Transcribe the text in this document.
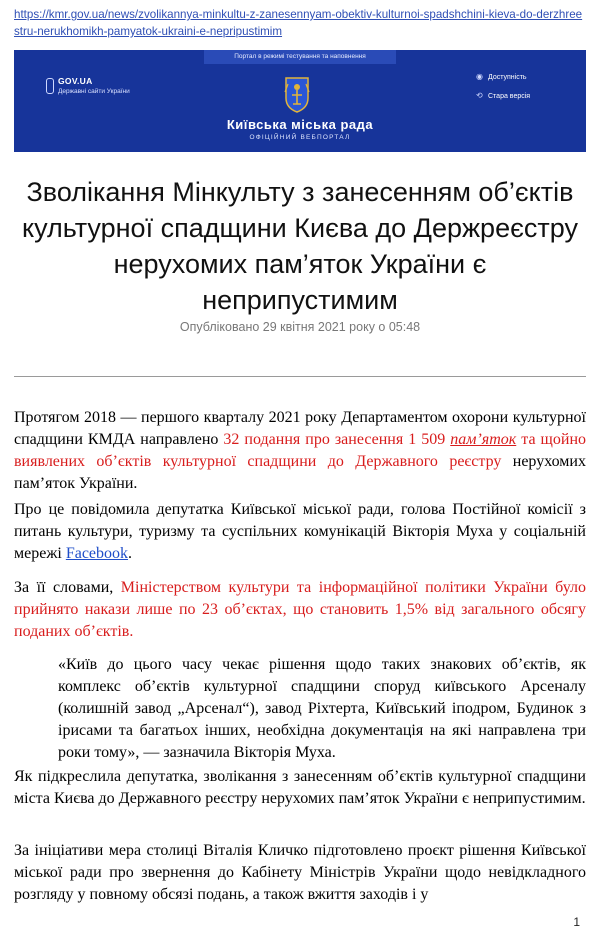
https://kmr.gov.ua/news/zvolikannya-minkultu-z-zanesennyam-obektiv-kulturnoi-spadshchini-kieva-do-derzhreestru-nerukhomikh-pamyatok-ukraini-e-nepripustimim
Портал в режимі тестування та наповнення
GOV.UA
Державні сайти України
Київська міська рада
ОФІЦІЙНИЙ ВЕБПОРТАЛ
◉ Доступність
⟲ Стара версія
Зволікання Мінкульту з занесенням об’єктів культурної спадщини Києва до Держреєстру нерухомих пам’яток України є неприпустимим
Опубліковано 29 квітня 2021 року о 05:48

Протягом 2018 — першого кварталу 2021 року Департаментом охорони культурної спадщини КМДА направлено 32 подання про занесення 1 509 пам’яток та щойно виявлених об’єктів культурної спадщини до Державного реєстру нерухомих пам’яток України.

Про це повідомила депутатка Київської міської ради, голова Постійної комісії з питань культури, туризму та суспільних комунікацій Вікторія Муха у соціальній мережі Facebook.

За її словами, Міністерством культури та інформаційної політики України було прийнято накази лише по 23 об’єктах, що становить 1,5% від загального обсягу поданих об’єктів.

«Київ до цього часу чекає рішення щодо таких знакових об’єктів, як комплекс об’єктів культурної спадщини споруд київського Арсеналу (колишній завод „Арсенал“), завод Ріхтерта, Київський іподром, Будинок з ірисами та багатьох інших, необхідна документація на які направлена три роки тому», — зазначила Вікторія Муха.

Як підкреслила депутатка, зволікання з занесенням об’єктів культурної спадщини міста Києва до Державного реєстру нерухомих пам’яток України є неприпустимим.

За ініціативи мера столиці Віталія Кличко підготовлено проєкт рішення Київської міської ради про звернення до Кабінету Міністрів України щодо невідкладного розгляду у повному обсязі подань, а також вжиття заходів і у

1
